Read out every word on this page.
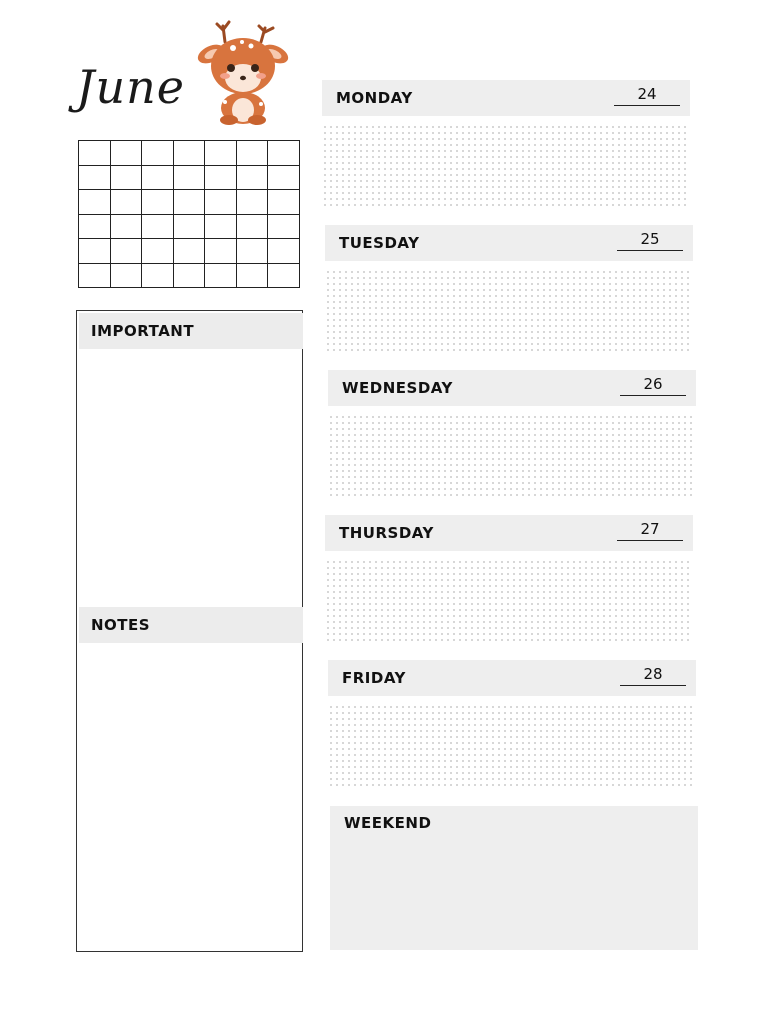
June

IMPORTANT
NOTES
MONDAY	24
TUESDAY	25
WEDNESDAY	26
THURSDAY	27
FRIDAY	28
WEEKEND
